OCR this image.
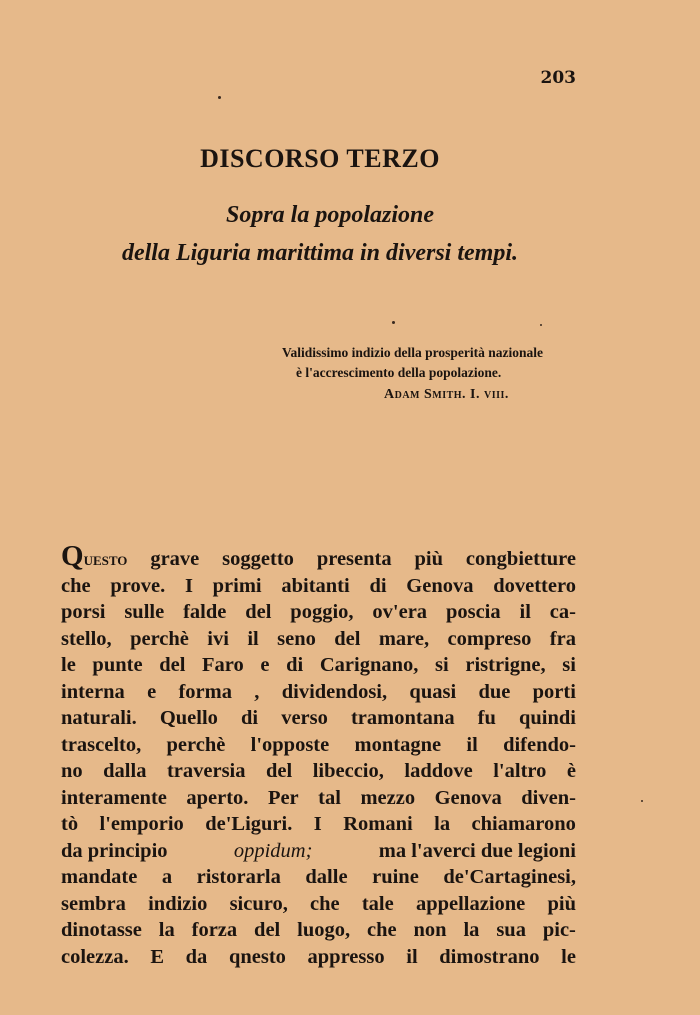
203
DISCORSO TERZO
Sopra la popolazione
della Liguria marittima in diversi tempi.
Validissimo indizio della prosperità nazionale
è l'accrescimento della popolazione.
Adam Smith. I. viii.
Questo grave soggetto presenta più congbietture
che prove. I primi abitanti di Genova dovettero
porsi sulle falde del poggio, ov'era poscia il ca-
stello, perchè ivi il seno del mare, compreso fra
le punte del Faro e di Carignano, si ristrigne, si
interna e forma , dividendosi, quasi due porti
naturali. Quello di verso tramontana fu quindi
trascelto, perchè l'opposte montagne il difendo-
no dalla traversia del libeccio, laddove l'altro è
interamente aperto. Per tal mezzo Genova diven-
tò l'emporio de'Liguri. I Romani la chiamarono
da principio	oppidum;	ma l'averci due legioni
mandate a ristorarla dalle ruine de'Cartaginesi,
sembra indizio sicuro, che tale appellazione più
dinotasse la forza del luogo, che non la sua pic-
colezza. E da qnesto appresso il dimostrano le
